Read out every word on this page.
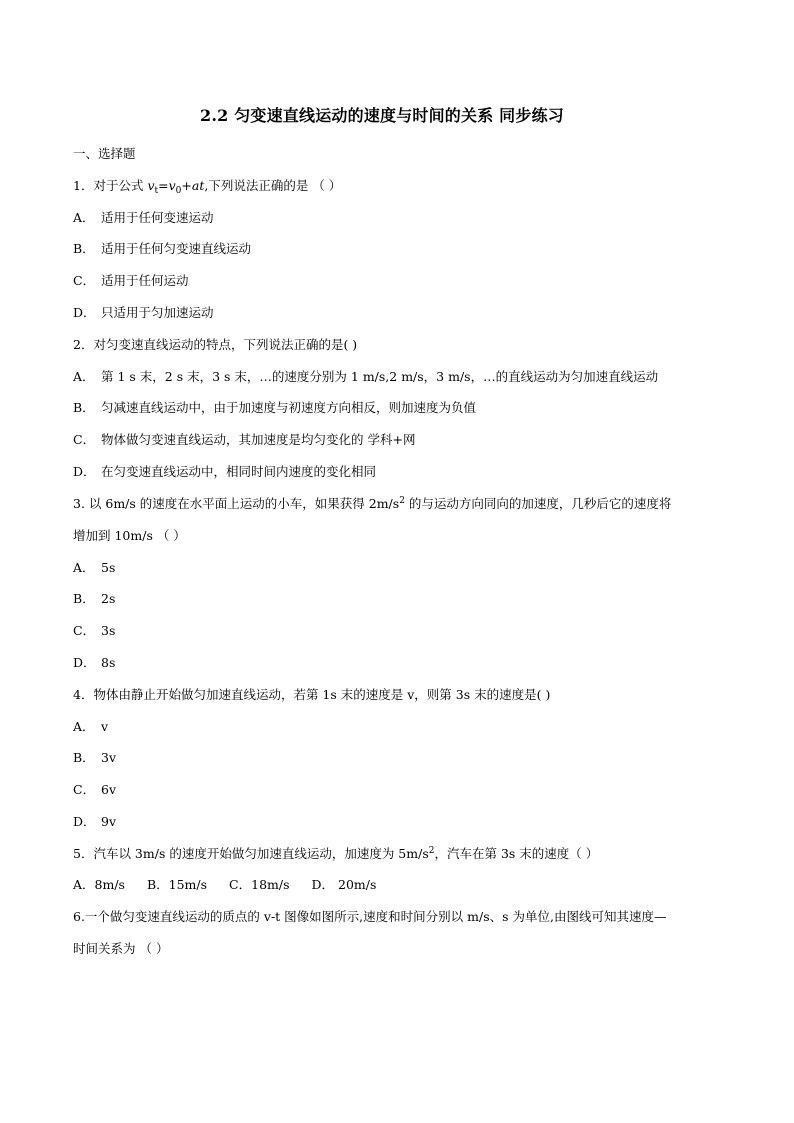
2.2 匀变速直线运动的速度与时间的关系 同步练习
一、选择题
1．对于公式 $v_t=v_0+at$,下列说法正确的是 （ ）
A． 适用于任何变速运动
B． 适用于任何匀变速直线运动
C． 适用于任何运动
D． 只适用于匀加速运动
2．对匀变速直线运动的特点，下列说法正确的是( )
A． 第 1 s 末，2 s 末，3 s 末，…的速度分别为 1 m/s,2 m/s，3 m/s，…的直线运动为匀加速直线运动
B． 匀减速直线运动中，由于加速度与初速度方向相反，则加速度为负值
C． 物体做匀变速直线运动，其加速度是均匀变化的 学科+网
D． 在匀变速直线运动中，相同时间内速度的变化相同
3. 以 6m/s 的速度在水平面上运动的小车，如果获得 $2m/s^2$ 的与运动方向同向的加速度，几秒后它的速度将
增加到 10m/s （ ）
A． 5s
B． 2s
C． 3s
D． 8s
4．物体由静止开始做匀加速直线运动，若第 1s 末的速度是 v，则第 3s 末的速度是( )
A． v
B． 3v
C． 6v
D． 9v
5．汽车以 3m/s 的速度开始做匀加速直线运动，加速度为 $5m/s^2$，汽车在第 3s 末的速度（ ）
A．8m/s B．15m/s C．18m/s D． 20m/s
6.一个做匀变速直线运动的质点的 v-t 图像如图所示,速度和时间分别以 m/s、s 为单位,由图线可知其速度—
时间关系为 （ ）
